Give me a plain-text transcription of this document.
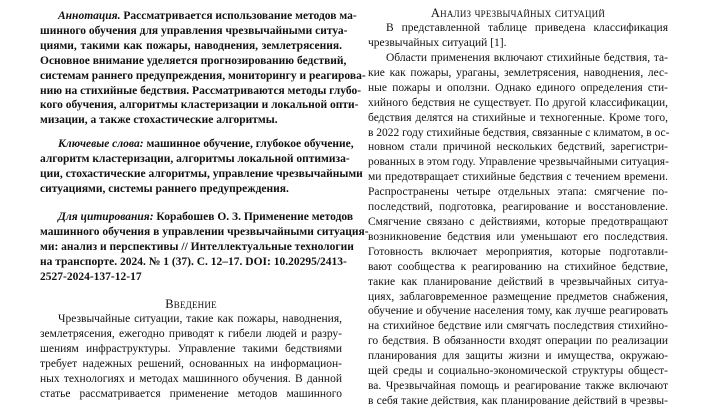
Аннотация. Рассматривается использование методов ма-
шинного обучения для управления чрезвычайными ситуа-
циями, такими как пожары, наводнения, землетрясения.
Основное внимание уделяется прогнозированию бедствий,
системам раннего предупреждения, мониторингу и реагирова-
нию на стихийные бедствия. Рассматриваются методы глубо-
кого обучения, алгоритмы кластеризации и локальной опти-
мизации, а также стохастические алгоритмы.
Ключевые слова: машинное обучение, глубокое обучение,
алгоритм кластеризации, алгоритмы локальной оптимиза-
ции, стохастические алгоритмы, управление чрезвычайными
ситуациями, системы раннего предупреждения.
Для цитирования: Корабошев О. З. Применение методов
машинного обучения в управлении чрезвычайными ситуация-
ми: анализ и перспективы // Интеллектуальные технологии
на транспорте. 2024. № 1 (37). С. 12–17. DOI: 10.20295/2413-
2527-2024-137-12-17
Введение
Чрезвычайные ситуации, такие как пожары, наводнения,
землетрясения, ежегодно приводят к гибели людей и разру-
шениям инфраструктуры. Управление такими бедствиями
требует надежных решений, основанных на информацион-
ных технологиях и методах машинного обучения. В данной
статье рассматривается применение методов машинного
Анализ чрезвычайных ситуаций
В представленной таблице приведена классификация
чрезвычайных ситуаций [1].
Области применения включают стихийные бедствия, та-
кие как пожары, ураганы, землетрясения, наводнения, лес-
ные пожары и оползни. Однако единого определения сти-
хийного бедствия не существует. По другой классификации,
бедствия делятся на стихийные и техногенные. Кроме того,
в 2022 году стихийные бедствия, связанные с климатом, в ос-
новном стали причиной нескольких бедствий, зарегистри-
рованных в этом году. Управление чрезвычайными ситуация-
ми предотвращает стихийные бедствия с течением времени.
Распространены четыре отдельных этапа: смягчение по-
последствий, подготовка, реагирование и восстановление.
Смягчение связано с действиями, которые предотвращают
возникновение бедствия или уменьшают его последствия.
Готовность включает мероприятия, которые подготавли-
вают сообщества к реагированию на стихийное бедствие,
такие как планирование действий в чрезвычайных ситуа-
циях, заблаговременное размещение предметов снабжения,
обучение и обучение населения тому, как лучше реагировать
на стихийное бедствие или смягчать последствия стихийно-
го бедствия. В обязанности входят операции по реализации
планирования для защиты жизни и имущества, окружаю-
щей среды и социально-экономической структуры общест-
ва. Чрезвычайная помощь и реагирование также включают
в себя такие действия, как планирование действий в чрезвы-
